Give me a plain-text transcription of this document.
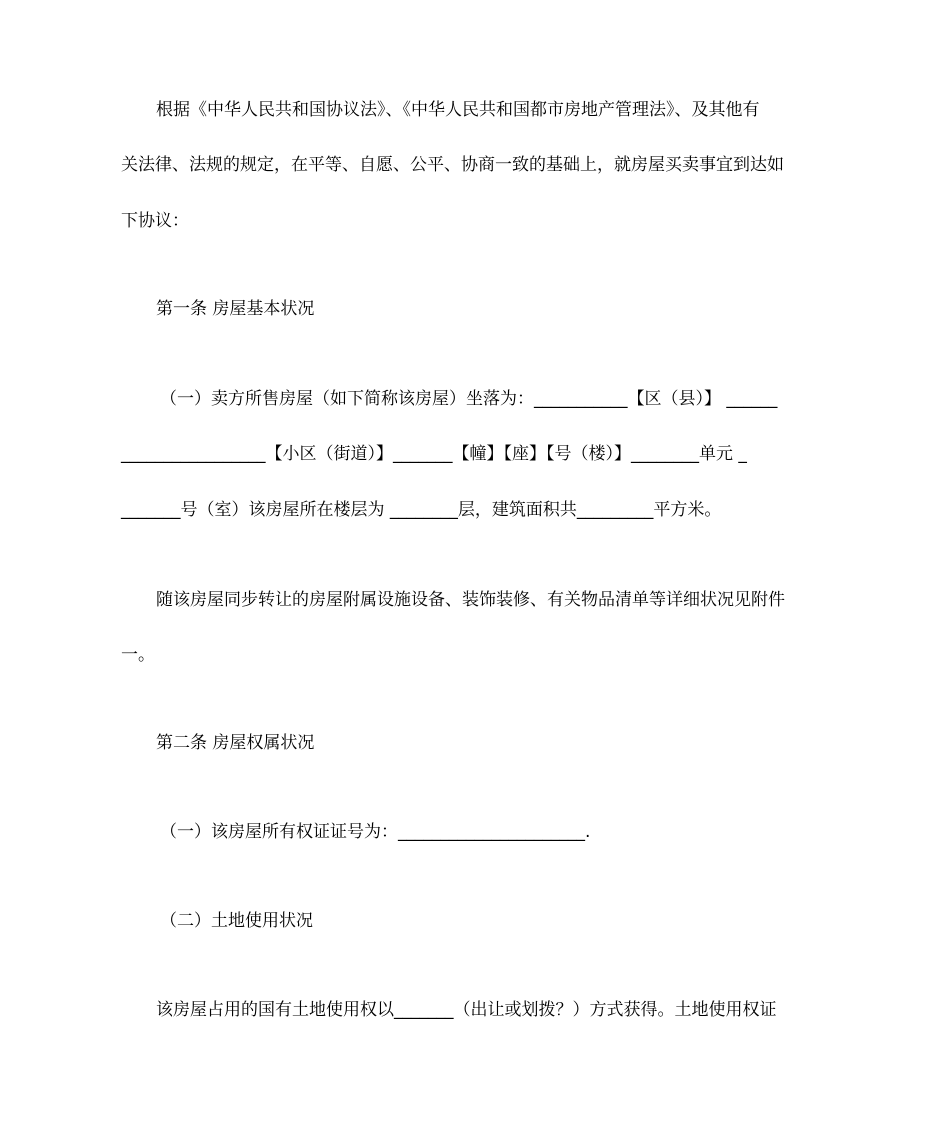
根据《中华人民共和国协议法》、《中华人民共和国都市房地产管理法》、及其他有
关法律、法规的规定，在平等、自愿、公平、协商一致的基础上，就房屋买卖事宜到达如
下协议：
第一条 房屋基本状况
（一）卖方所售房屋（如下简称该房屋）坐落为：___________【区（县）】 ______
_________________【小区（街道）】_______【幢】【座】【号（楼）】________单元 _
_______号（室）该房屋所在楼层为 ________层，建筑面积共_________平方米。
随该房屋同步转让的房屋附属设施设备、装饰装修、有关物品清单等详细状况见附件
一。
第二条 房屋权属状况
（一）该房屋所有权证证号为：______________________.
（二）土地使用状况
该房屋占用的国有土地使用权以_______（出让或划拨？）方式获得。土地使用权证
